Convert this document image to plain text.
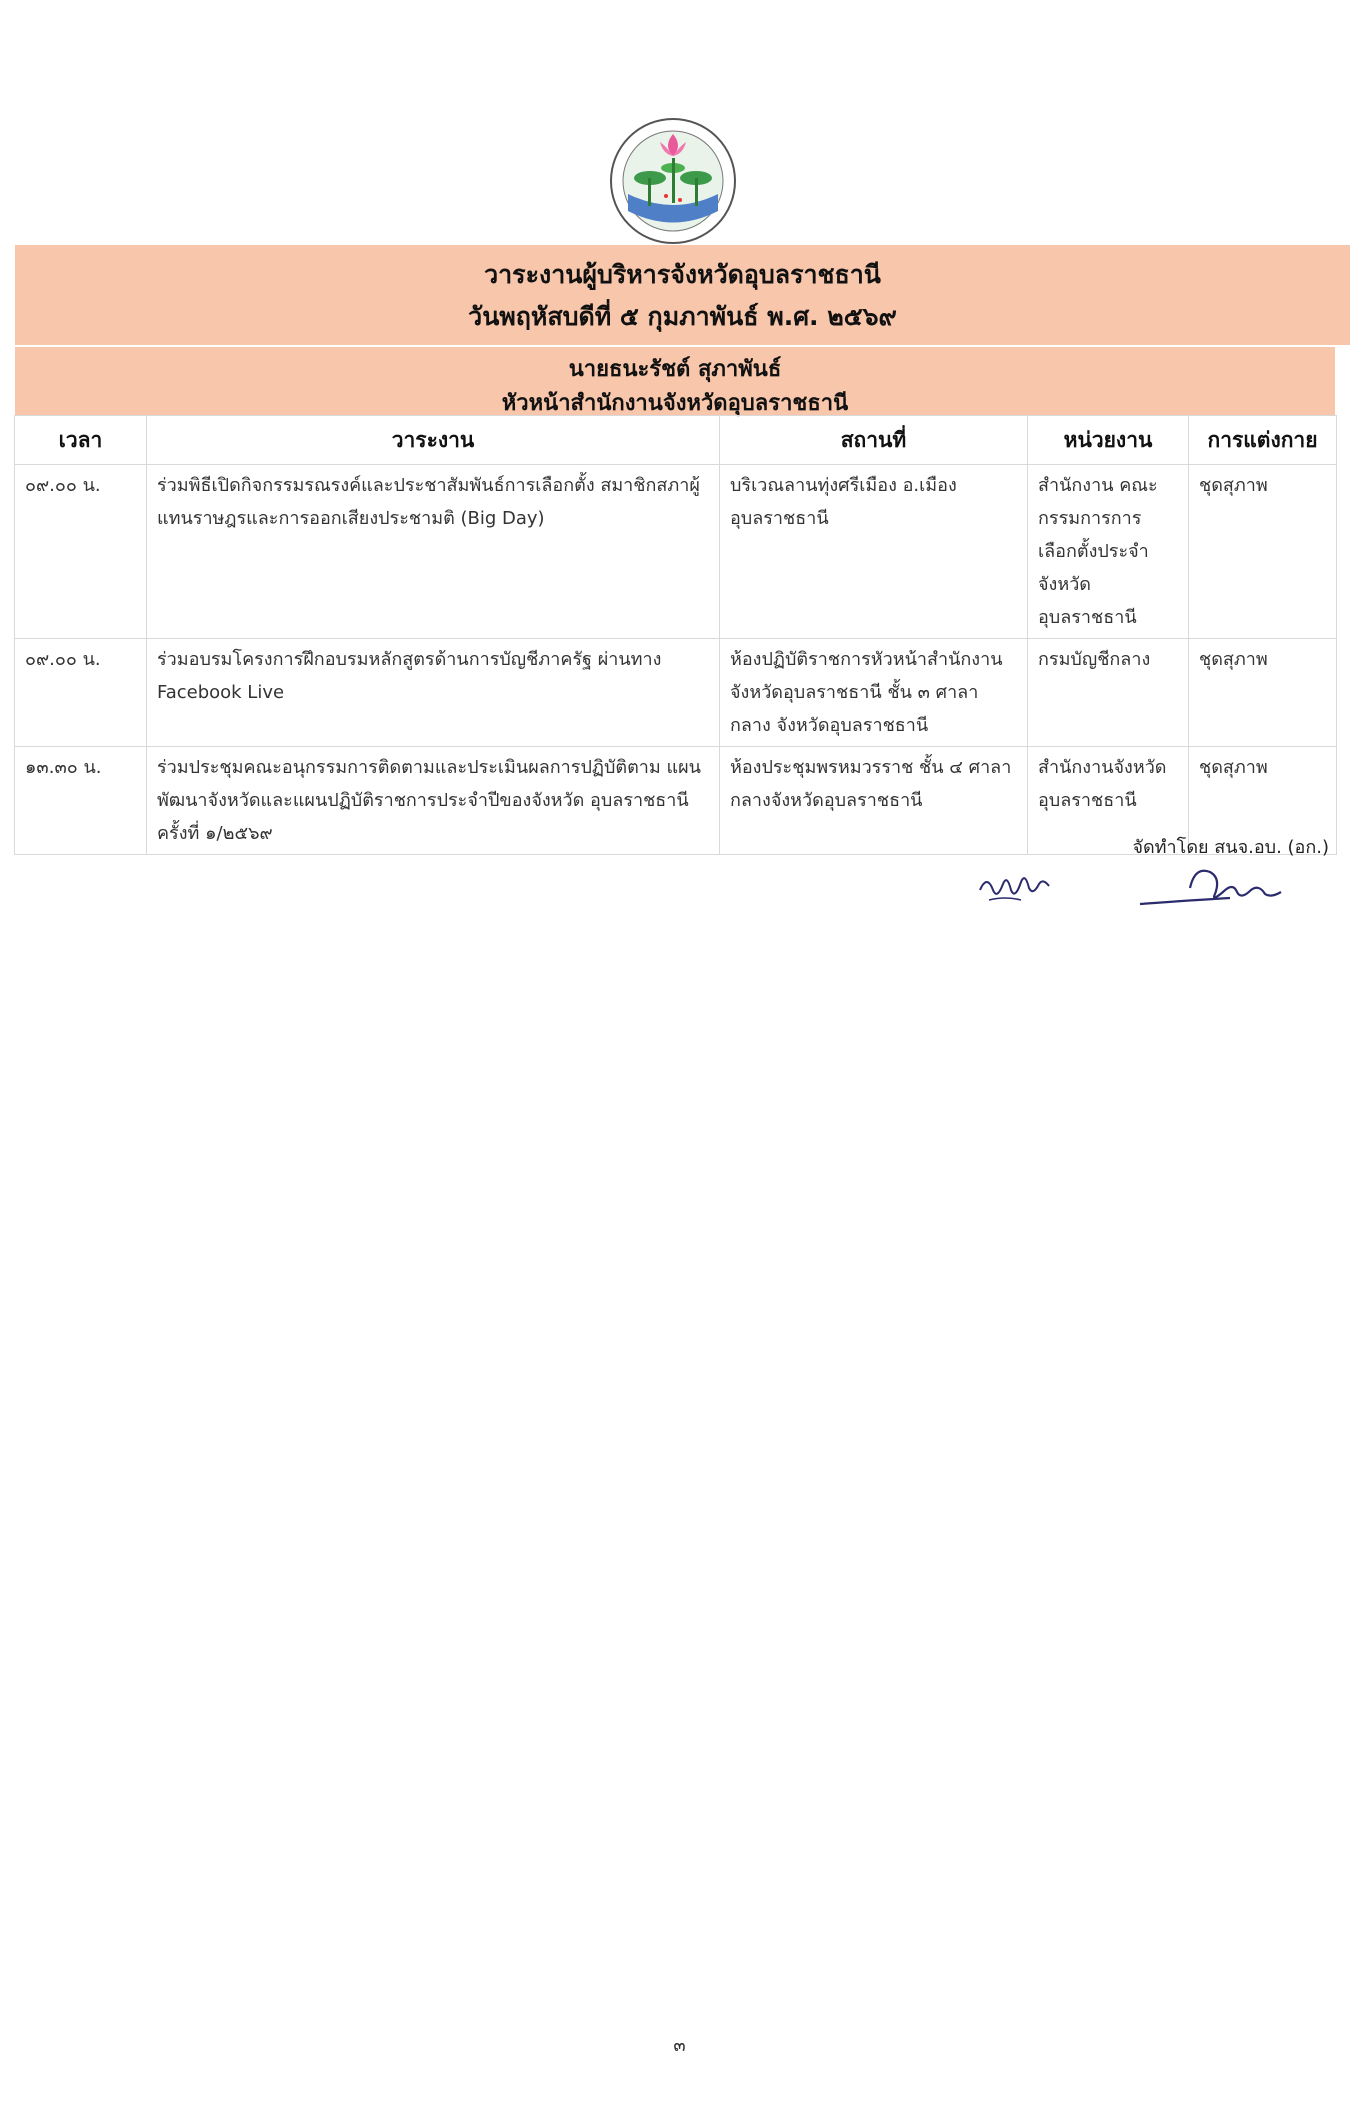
วาระงานผู้บริหารจังหวัดอุบลราชธานี
วันพฤหัสบดีที่ ๕ กุมภาพันธ์ พ.ศ. ๒๕๖๙
นายธนะรัชต์ สุภาพันธ์
หัวหน้าสำนักงานจังหวัดอุบลราชธานี
เวลา	วาระงาน	สถานที่	หน่วยงาน	การแต่งกาย
๐๙.๐๐ น.	ร่วมพิธีเปิดกิจกรรมรณรงค์และประชาสัมพันธ์การเลือกตั้ง สมาชิกสภาผู้แทนราษฎรและการออกเสียงประชามติ (Big Day)	บริเวณลานทุ่งศรีเมือง อ.เมือง อุบลราชธานี	สำนักงาน คณะกรรมการการ เลือกตั้งประจำ จังหวัด อุบลราชธานี	ชุดสุภาพ
๐๙.๐๐ น.	ร่วมอบรมโครงการฝึกอบรมหลักสูตรด้านการบัญชีภาครัฐ ผ่านทาง Facebook Live	ห้องปฏิบัติราชการหัวหน้าสำนักงาน จังหวัดอุบลราชธานี ชั้น ๓ ศาลากลาง จังหวัดอุบลราชธานี	กรมบัญชีกลาง	ชุดสุภาพ
๑๓.๓๐ น.	ร่วมประชุมคณะอนุกรรมการติดตามและประเมินผลการปฏิบัติตาม แผนพัฒนาจังหวัดและแผนปฏิบัติราชการประจำปีของจังหวัด อุบลราชธานี ครั้งที่ ๑/๒๕๖๙	ห้องประชุมพรหมวรราช ชั้น ๔ ศาลากลางจังหวัดอุบลราชธานี	สำนักงานจังหวัด อุบลราชธานี	ชุดสุภาพ
จัดทำโดย สนจ.อบ. (อก.)
๓
